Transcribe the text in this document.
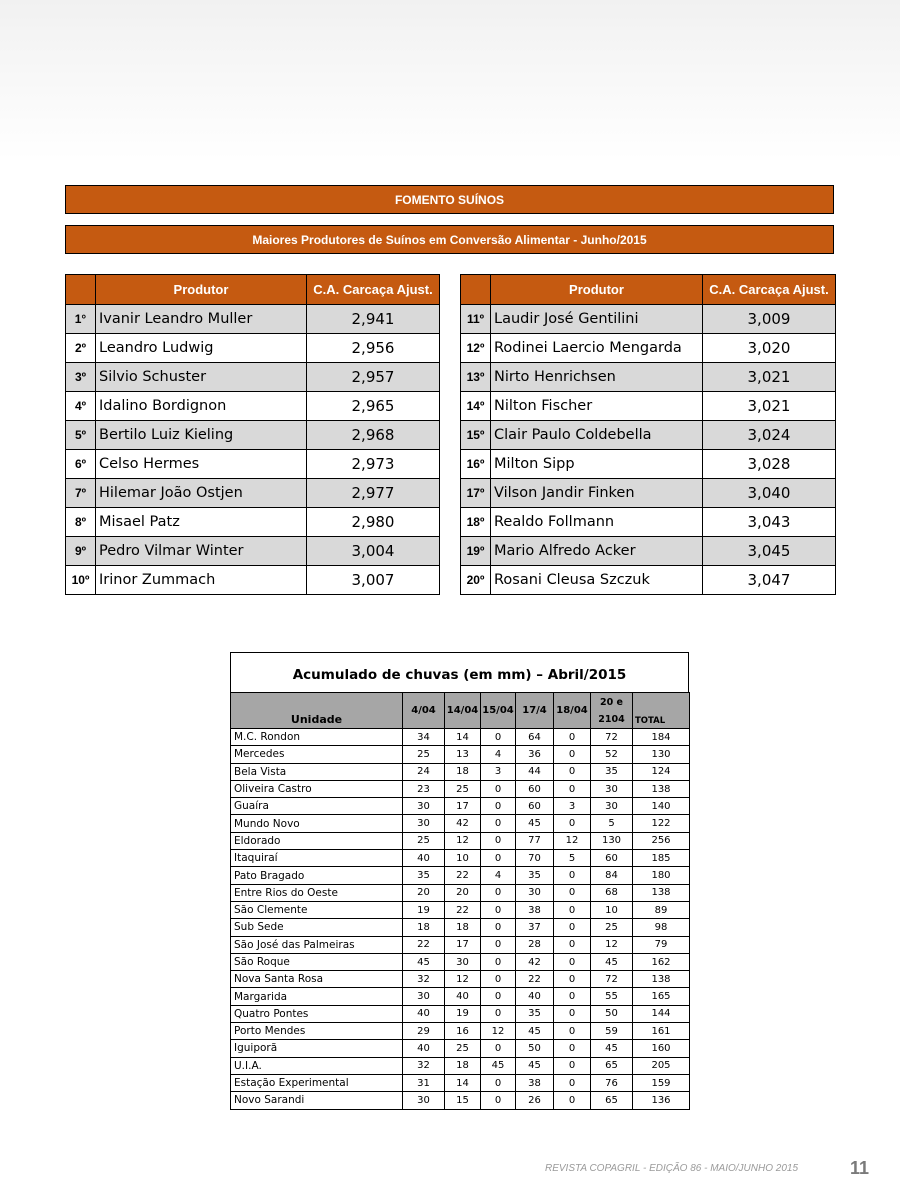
FOMENTO SUÍNOS
Maiores Produtores de Suínos em Conversão Alimentar - Junho/2015
	Produtor	C.A. Carcaça Ajust.
1°	Ivanir Leandro Muller	2,941
2º	Leandro Ludwig	2,956
3º	Silvio Schuster	2,957
4º	Idalino Bordignon	2,965
5º	Bertilo Luiz Kieling	2,968
6º	Celso Hermes	2,973
7º	Hilemar João Ostjen	2,977
8º	Misael Patz	2,980
9º	Pedro Vilmar Winter	3,004
10º	Irinor Zummach	3,007
	Produtor	C.A. Carcaça Ajust.
11º	Laudir José Gentilini	3,009
12º	Rodinei Laercio Mengarda	3,020
13º	Nirto Henrichsen	3,021
14º	Nilton Fischer	3,021
15º	Clair Paulo Coldebella	3,024
16º	Milton Sipp	3,028
17º	Vilson Jandir Finken	3,040
18º	Realdo Follmann	3,043
19º	Mario Alfredo Acker	3,045
20º	Rosani Cleusa Szczuk	3,047
Acumulado de chuvas (em mm) – Abril/2015
Unidade	4/04	14/04	15/04	17/4	18/04	20 e 2104	TOTAL
M.C. Rondon	34	14	0	64	0	72	184
Mercedes	25	13	4	36	0	52	130
Bela Vista	24	18	3	44	0	35	124
Oliveira Castro	23	25	0	60	0	30	138
Guaíra	30	17	0	60	3	30	140
Mundo Novo	30	42	0	45	0	5	122
Eldorado	25	12	0	77	12	130	256
Itaquiraí	40	10	0	70	5	60	185
Pato Bragado	35	22	4	35	0	84	180
Entre Rios do Oeste	20	20	0	30	0	68	138
São Clemente	19	22	0	38	0	10	89
Sub Sede	18	18	0	37	0	25	98
São José das Palmeiras	22	17	0	28	0	12	79
São Roque	45	30	0	42	0	45	162
Nova Santa Rosa	32	12	0	22	0	72	138
Margarida	30	40	0	40	0	55	165
Quatro Pontes	40	19	0	35	0	50	144
Porto Mendes	29	16	12	45	0	59	161
Iguiporã	40	25	0	50	0	45	160
U.I.A.	32	18	45	45	0	65	205
Estação Experimental	31	14	0	38	0	76	159
Novo Sarandi	30	15	0	26	0	65	136
REVISTA COPAGRIL - EDIÇÃO 86 - MAIO/JUNHO 2015	11
